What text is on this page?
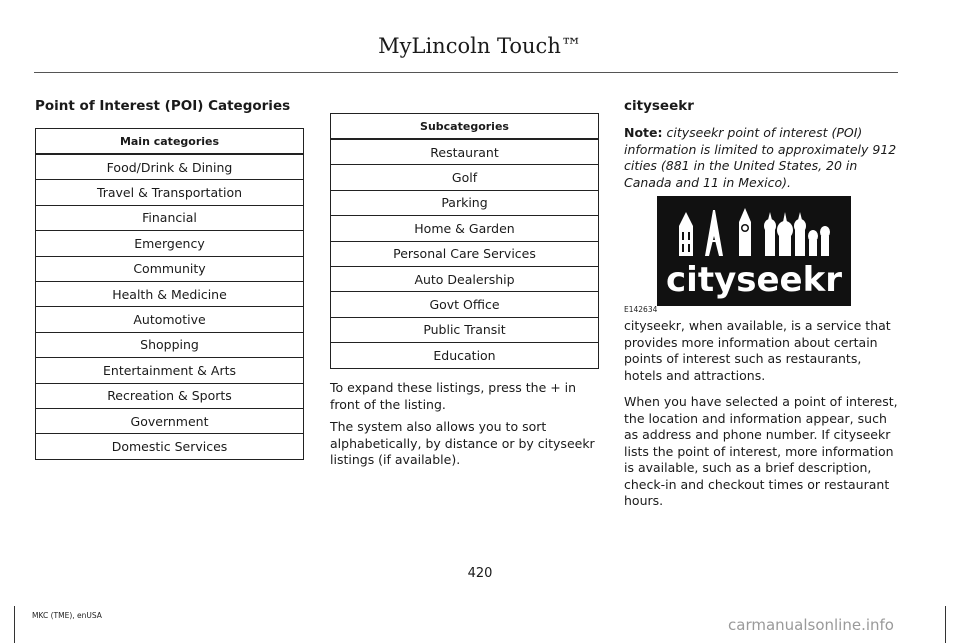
MyLincoln Touch™
Point of Interest (POI) Categories
Main categories
Food/Drink & Dining
Travel & Transportation
Financial
Emergency
Community
Health & Medicine
Automotive
Shopping
Entertainment & Arts
Recreation & Sports
Government
Domestic Services
Subcategories
Restaurant
Golf
Parking
Home & Garden
Personal Care Services
Auto Dealership
Govt Office
Public Transit
Education

To expand these listings, press the + in front of the listing.

The system also allows you to sort alphabetically, by distance or by cityseekr listings (if available).

cityseekr

Note: cityseekr point of interest (POI) information is limited to approximately 912 cities (881 in the United States, 20 in Canada and 11 in Mexico).

cityseekr
E142634

cityseekr, when available, is a service that provides more information about certain points of interest such as restaurants, hotels and attractions.

When you have selected a point of interest, the location and information appear, such as address and phone number. If cityseekr lists the point of interest, more information is available, such as a brief description, check-in and checkout times or restaurant hours.

420
MKC (TME), enUSA
carmanualsonline.info
